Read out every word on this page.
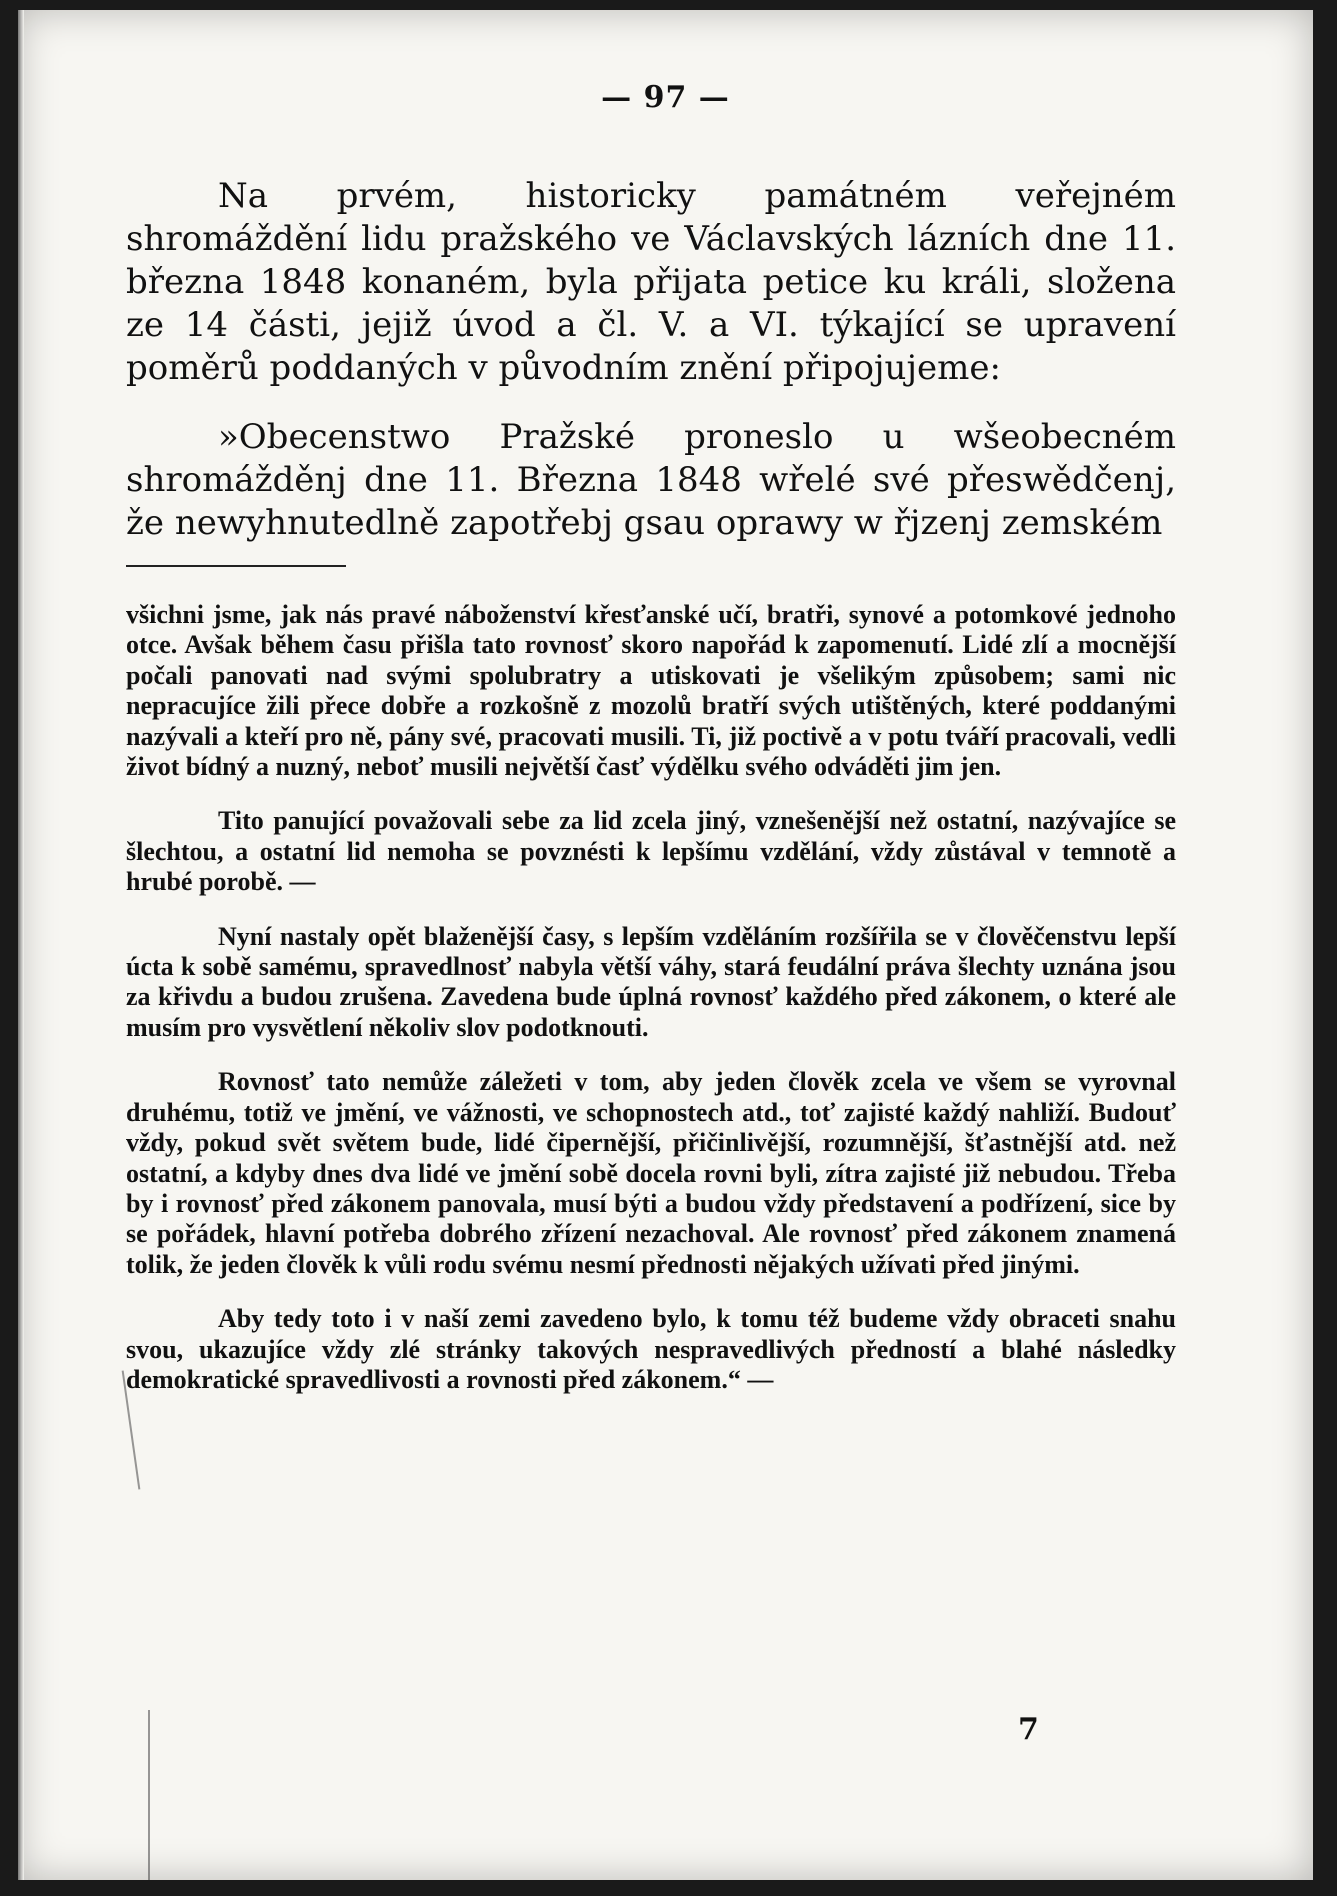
— 97 —

Na prvém, historicky památném veřejném shromáždění lidu pražského ve Václavských lázních dne 11. března 1848 konaném, byla přijata petice ku králi, složena ze 14 části, jejiž úvod a čl. V. a VI. týkající se upravení poměrů poddaných v původním znění připojujeme:

»Obecenstwo Pražské proneslo u wšeobecném shromážděnj dne 11. Března 1848 wřelé své přeswědčenj, že newyhnutedlně zapotřebj gsau oprawy w řjzenj zemském

všichni jsme, jak nás pravé náboženství křesťanské učí, bratři, synové a potomkové jednoho otce. Avšak během času přišla tato rovnosť skoro napořád k zapomenutí. Lidé zlí a mocnější počali panovati nad svými spolubratry a utiskovati je všelikým způsobem; sami nic nepracujíce žili přece dobře a rozkošně z mozolů bratří svých utištěných, které poddanými nazývali a kteří pro ně, pány své, pracovati musili. Ti, již poctivě a v potu tváří pracovali, vedli život bídný a nuzný, neboť musili největší časť výdělku svého odváděti jim jen.

Tito panující považovali sebe za lid zcela jiný, vznešenější než ostatní, nazývajíce se šlechtou, a ostatní lid nemoha se povznésti k lepšímu vzdělání, vždy zůstával v temnotě a hrubé porobě. —

Nyní nastaly opět blaženější časy, s lepším vzděláním rozšířila se v člověčenstvu lepší úcta k sobě samému, spravedlnosť nabyla větší váhy, stará feudální práva šlechty uznána jsou za křivdu a budou zrušena. Zavedena bude úplná rovnosť každého před zákonem, o které ale musím pro vysvětlení několiv slov podotknouti.

Rovnosť tato nemůže záležeti v tom, aby jeden člověk zcela ve všem se vyrovnal druhému, totiž ve jmění, ve vážnosti, ve schopnostech atd., toť zajisté každý nahliží. Budouť vždy, pokud svět světem bude, lidé čipernější, přičinlivější, rozumnější, šťastnější atd. než ostatní, a kdyby dnes dva lidé ve jmění sobě docela rovni byli, zítra zajisté již nebudou. Třeba by i rovnosť před zákonem panovala, musí býti a budou vždy představení a podřízení, sice by se pořádek, hlavní potřeba dobrého zřízení nezachoval. Ale rovnosť před zákonem znamená tolik, že jeden člověk k vůli rodu svému nesmí přednosti nějakých užívati před jinými.

Aby tedy toto i v naší zemi zavedeno bylo, k tomu též budeme vždy obraceti snahu svou, ukazujíce vždy zlé stránky takových nespravedlivých předností a blahé následky demokratické spravedlivosti a rovnosti před zákonem.“ —

7
